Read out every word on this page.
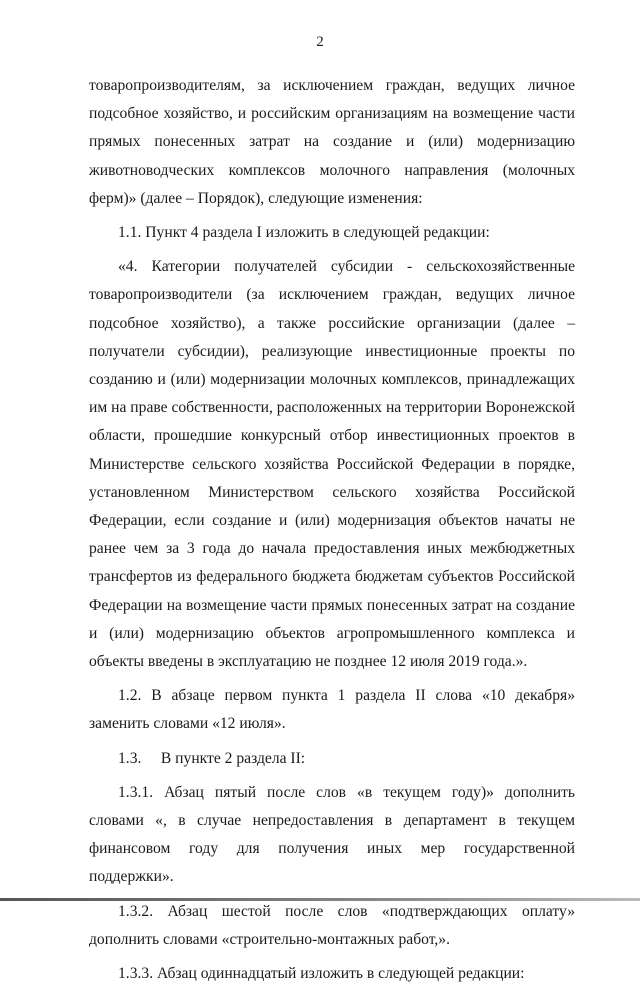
2

товаропроизводителям, за исключением граждан, ведущих личное подсобное хозяйство, и российским организациям на возмещение части прямых понесенных затрат на создание и (или) модернизацию животноводческих комплексов молочного направления (молочных ферм)» (далее – Порядок), следующие изменения:

1.1. Пункт 4 раздела I изложить в следующей редакции:

«4. Категории получателей субсидии - сельскохозяйственные товаропроизводители (за исключением граждан, ведущих личное подсобное хозяйство), а также российские организации (далее – получатели субсидии), реализующие инвестиционные проекты по созданию и (или) модернизации молочных комплексов, принадлежащих им на праве собственности, расположенных на территории Воронежской области, прошедшие конкурсный отбор инвестиционных проектов в Министерстве сельского хозяйства Российской Федерации в порядке, установленном Министерством сельского хозяйства Российской Федерации, если создание и (или) модернизация объектов начаты не ранее чем за 3 года до начала предоставления иных межбюджетных трансфертов из федерального бюджета бюджетам субъектов Российской Федерации на возмещение части прямых понесенных затрат на создание и (или) модернизацию объектов агропромышленного комплекса и объекты введены в эксплуатацию не позднее 12 июля 2019 года.».

1.2. В абзаце первом пункта 1 раздела II слова «10 декабря» заменить словами «12 июля».

1.3.     В пункте 2 раздела II:

1.3.1. Абзац пятый после слов «в текущем году)» дополнить словами «, в случае непредоставления в департамент в текущем финансовом году для получения иных мер государственной поддержки».

1.3.2. Абзац шестой после слов «подтверждающих оплату» дополнить словами «строительно-монтажных работ,».

1.3.3. Абзац одиннадцатый изложить в следующей редакции:
